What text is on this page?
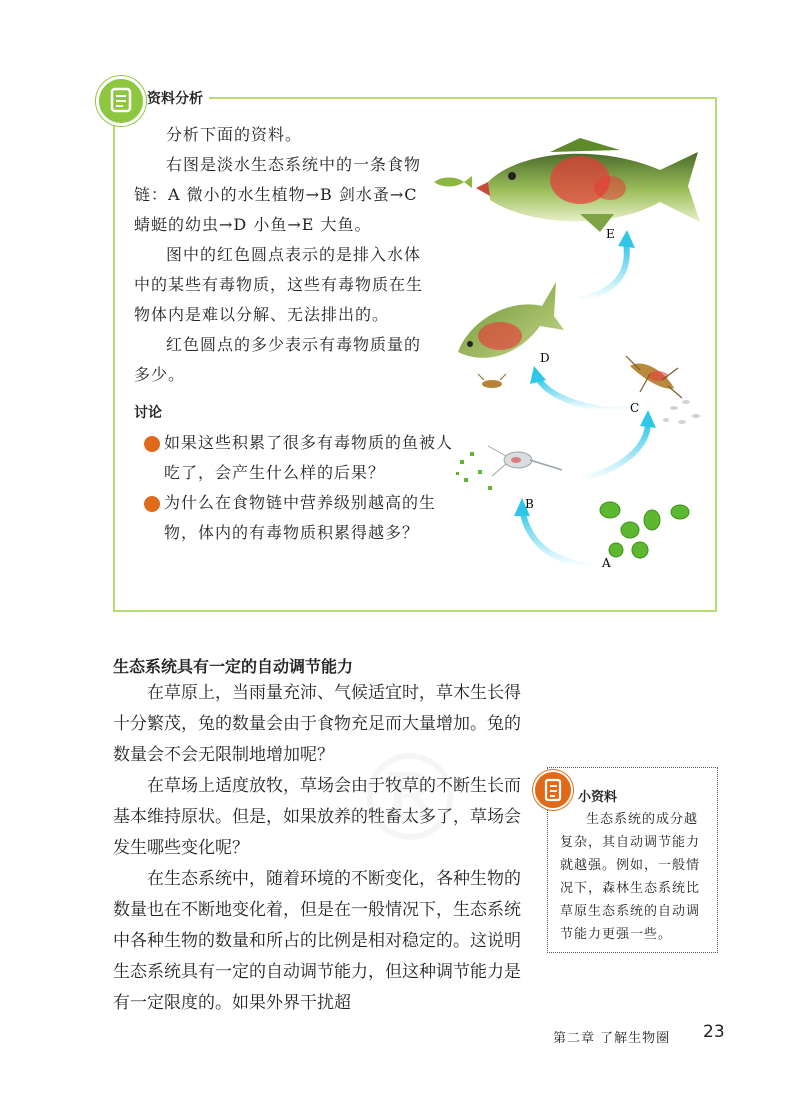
资料分析

分析下面的资料。

右图是淡水生态系统中的一条食物链：A 微小的水生植物→B 剑水蚤→C 蜻蜓的幼虫→D 小鱼→E 大鱼。

图中的红色圆点表示的是排入水体中的某些有毒物质，这些有毒物质在生物体内是难以分解、无法排出的。

红色圆点的多少表示有毒物质量的多少。

讨论
1 如果这些积累了很多有毒物质的鱼被人吃了，会产生什么样的后果？
2 为什么在食物链中营养级别越高的生物，体内的有毒物质积累得越多？
E
D
C
B
A
生态系统具有一定的自动调节能力

在草原上，当雨量充沛、气候适宜时，草木生长得十分繁茂，兔的数量会由于食物充足而大量增加。兔的数量会不会无限制地增加呢？

在草场上适度放牧，草场会由于牧草的不断生长而基本维持原状。但是，如果放养的牲畜太多了，草场会发生哪些变化呢？

在生态系统中，随着环境的不断变化，各种生物的数量也在不断地变化着，但是在一般情况下，生态系统中各种生物的数量和所占的比例是相对稳定的。这说明生态系统具有一定的自动调节能力，但这种调节能力是有一定限度的。如果外界干扰超

小资料

生态系统的成分越复杂，其自动调节能力就越强。例如，一般情况下，森林生态系统比草原生态系统的自动调节能力更强一些。

第二章 了解生物圈 23
